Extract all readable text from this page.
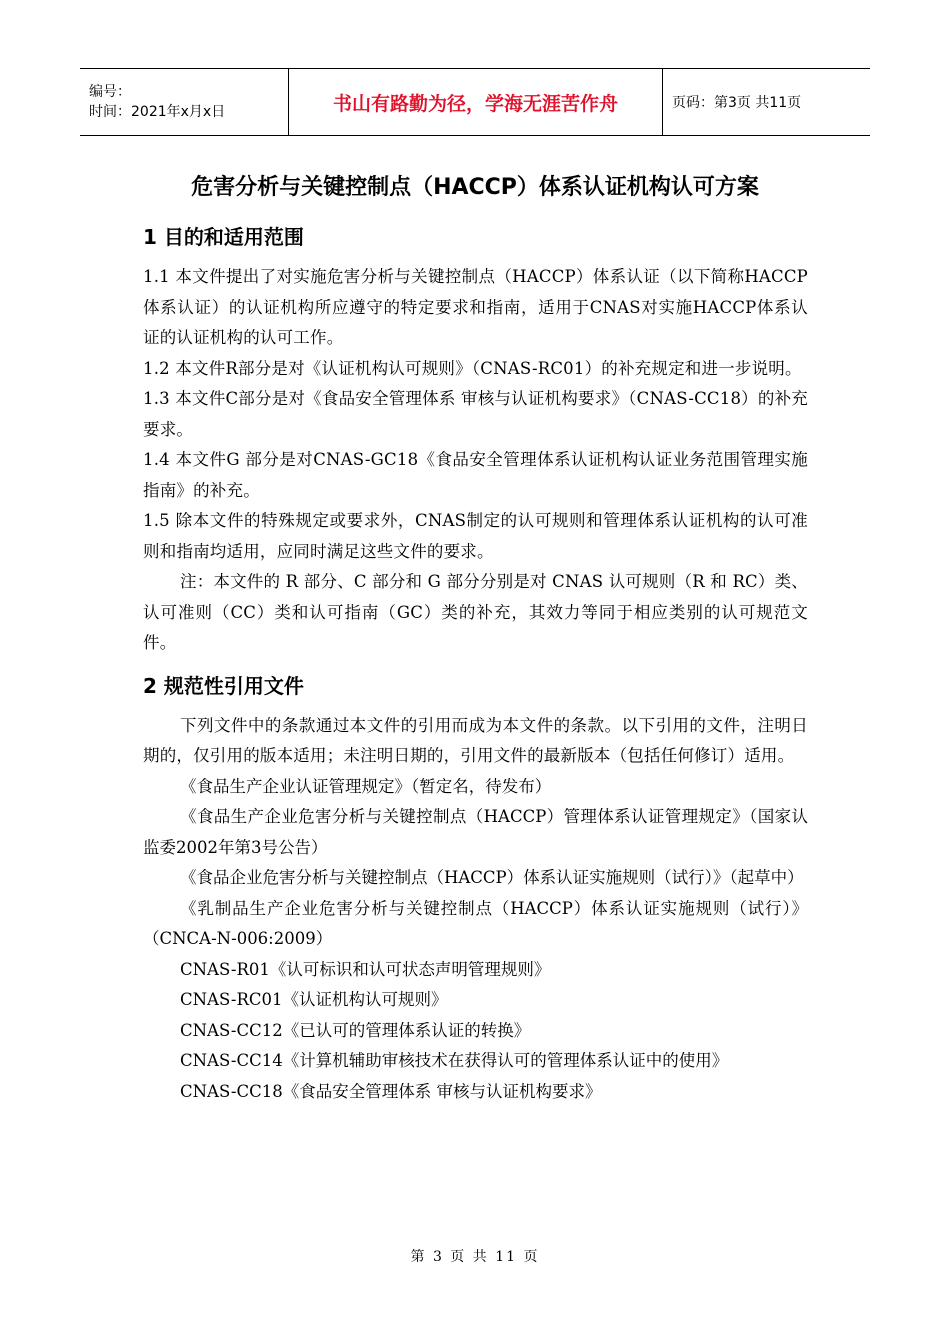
编号：
时间：2021年x月x日	书山有路勤为径，学海无涯苦作舟	页码：第3页 共11页
危害分析与关键控制点（HACCP）体系认证机构认可方案
1 目的和适用范围

1.1 本文件提出了对实施危害分析与关键控制点（HACCP）体系认证（以下简称HACCP体系认证）的认证机构所应遵守的特定要求和指南，适用于CNAS对实施HACCP体系认证的认证机构的认可工作。

1.2 本文件R部分是对《认证机构认可规则》（CNAS-RC01）的补充规定和进一步说明。

1.3 本文件C部分是对《食品安全管理体系 审核与认证机构要求》（CNAS-CC18）的补充要求。

1.4 本文件G 部分是对CNAS-GC18《食品安全管理体系认证机构认证业务范围管理实施指南》的补充。

1.5 除本文件的特殊规定或要求外，CNAS制定的认可规则和管理体系认证机构的认可准则和指南均适用，应同时满足这些文件的要求。

注：本文件的 R 部分、C 部分和 G 部分分别是对 CNAS 认可规则（R 和 RC）类、认可准则（CC）类和认可指南（GC）类的补充，其效力等同于相应类别的认可规范文件。

2 规范性引用文件

下列文件中的条款通过本文件的引用而成为本文件的条款。以下引用的文件，注明日期的，仅引用的版本适用；未注明日期的，引用文件的最新版本（包括任何修订）适用。

《食品生产企业认证管理规定》（暂定名，待发布）

《食品生产企业危害分析与关键控制点（HACCP）管理体系认证管理规定》（国家认监委2002年第3号公告）

《食品企业危害分析与关键控制点（HACCP）体系认证实施规则（试行）》（起草中）

《乳制品生产企业危害分析与关键控制点（HACCP）体系认证实施规则（试行）》（CNCA-N-006:2009）

CNAS-R01《认可标识和认可状态声明管理规则》

CNAS-RC01《认证机构认可规则》

CNAS-CC12《已认可的管理体系认证的转换》

CNAS-CC14《计算机辅助审核技术在获得认可的管理体系认证中的使用》

CNAS-CC18《食品安全管理体系 审核与认证机构要求》

第 3 页 共 11 页
